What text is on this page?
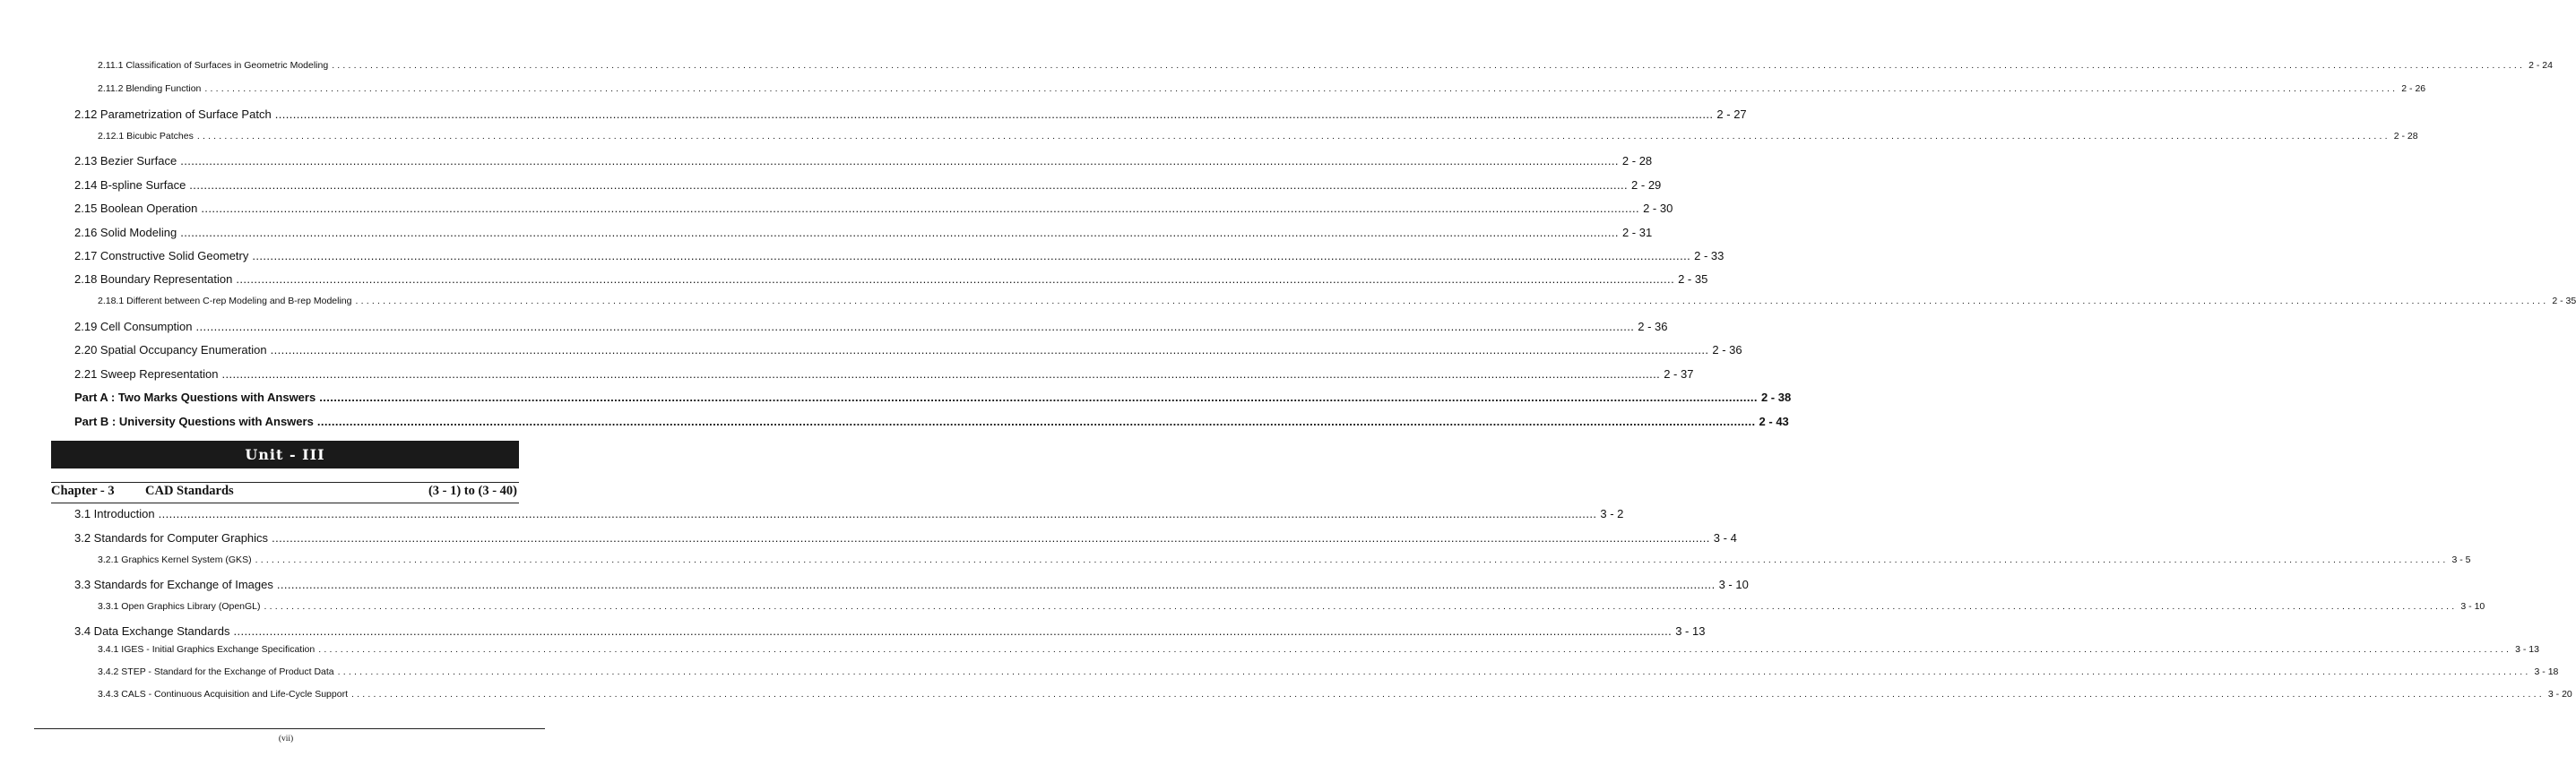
2.11.1 Classification of Surfaces in Geometric Modeling ................................................................................................................................................................................................................................................................................................................................................................................................................ 2 - 24
2.11.2 Blending Function ................................................................................................................................................................................................................................................................................................................................................................................................................ 2 - 26
2.12 Parametrization of Surface Patch ................................................................................................................................................................................................................................................................................................................................................................................................................ 2 - 27
2.12.1 Bicubic Patches ................................................................................................................................................................................................................................................................................................................................................................................................................ 2 - 28
2.13 Bezier Surface ................................................................................................................................................................................................................................................................................................................................................................................................................ 2 - 28
2.14 B-spline Surface ................................................................................................................................................................................................................................................................................................................................................................................................................ 2 - 29
2.15 Boolean Operation ................................................................................................................................................................................................................................................................................................................................................................................................................ 2 - 30
2.16 Solid Modeling ................................................................................................................................................................................................................................................................................................................................................................................................................ 2 - 31
2.17 Constructive Solid Geometry ................................................................................................................................................................................................................................................................................................................................................................................................................ 2 - 33
2.18 Boundary Representation ................................................................................................................................................................................................................................................................................................................................................................................................................ 2 - 35
2.18.1 Different between C-rep Modeling and B-rep Modeling ................................................................................................................................................................................................................................................................................................................................................................................................................ 2 - 35
2.19 Cell Consumption ................................................................................................................................................................................................................................................................................................................................................................................................................ 2 - 36
2.20 Spatial Occupancy Enumeration ................................................................................................................................................................................................................................................................................................................................................................................................................ 2 - 36
2.21 Sweep Representation ................................................................................................................................................................................................................................................................................................................................................................................................................ 2 - 37
Part A : Two Marks Questions with Answers ................................................................................................................................................................................................................................................................................................................................................................................................................ 2 - 38
Part B : University Questions with Answers ................................................................................................................................................................................................................................................................................................................................................................................................................ 2 - 43
Unit - III
Chapter - 3 CAD Standards	(3 - 1) to (3 - 40)
3.1 Introduction ................................................................................................................................................................................................................................................................................................................................................................................................................ 3 - 2
3.2 Standards for Computer Graphics ................................................................................................................................................................................................................................................................................................................................................................................................................ 3 - 4
3.2.1 Graphics Kernel System (GKS) ................................................................................................................................................................................................................................................................................................................................................................................................................ 3 - 5
3.3 Standards for Exchange of Images ................................................................................................................................................................................................................................................................................................................................................................................................................ 3 - 10
3.3.1 Open Graphics Library (OpenGL) ................................................................................................................................................................................................................................................................................................................................................................................................................ 3 - 10
3.4 Data Exchange Standards ................................................................................................................................................................................................................................................................................................................................................................................................................ 3 - 13
3.4.1 IGES - Initial Graphics Exchange Specification ................................................................................................................................................................................................................................................................................................................................................................................................................ 3 - 13
3.4.2 STEP - Standard for the Exchange of Product Data ................................................................................................................................................................................................................................................................................................................................................................................................................ 3 - 18
3.4.3 CALS - Continuous Acquisition and Life-Cycle Support ................................................................................................................................................................................................................................................................................................................................................................................................................ 3 - 20
(vii)
